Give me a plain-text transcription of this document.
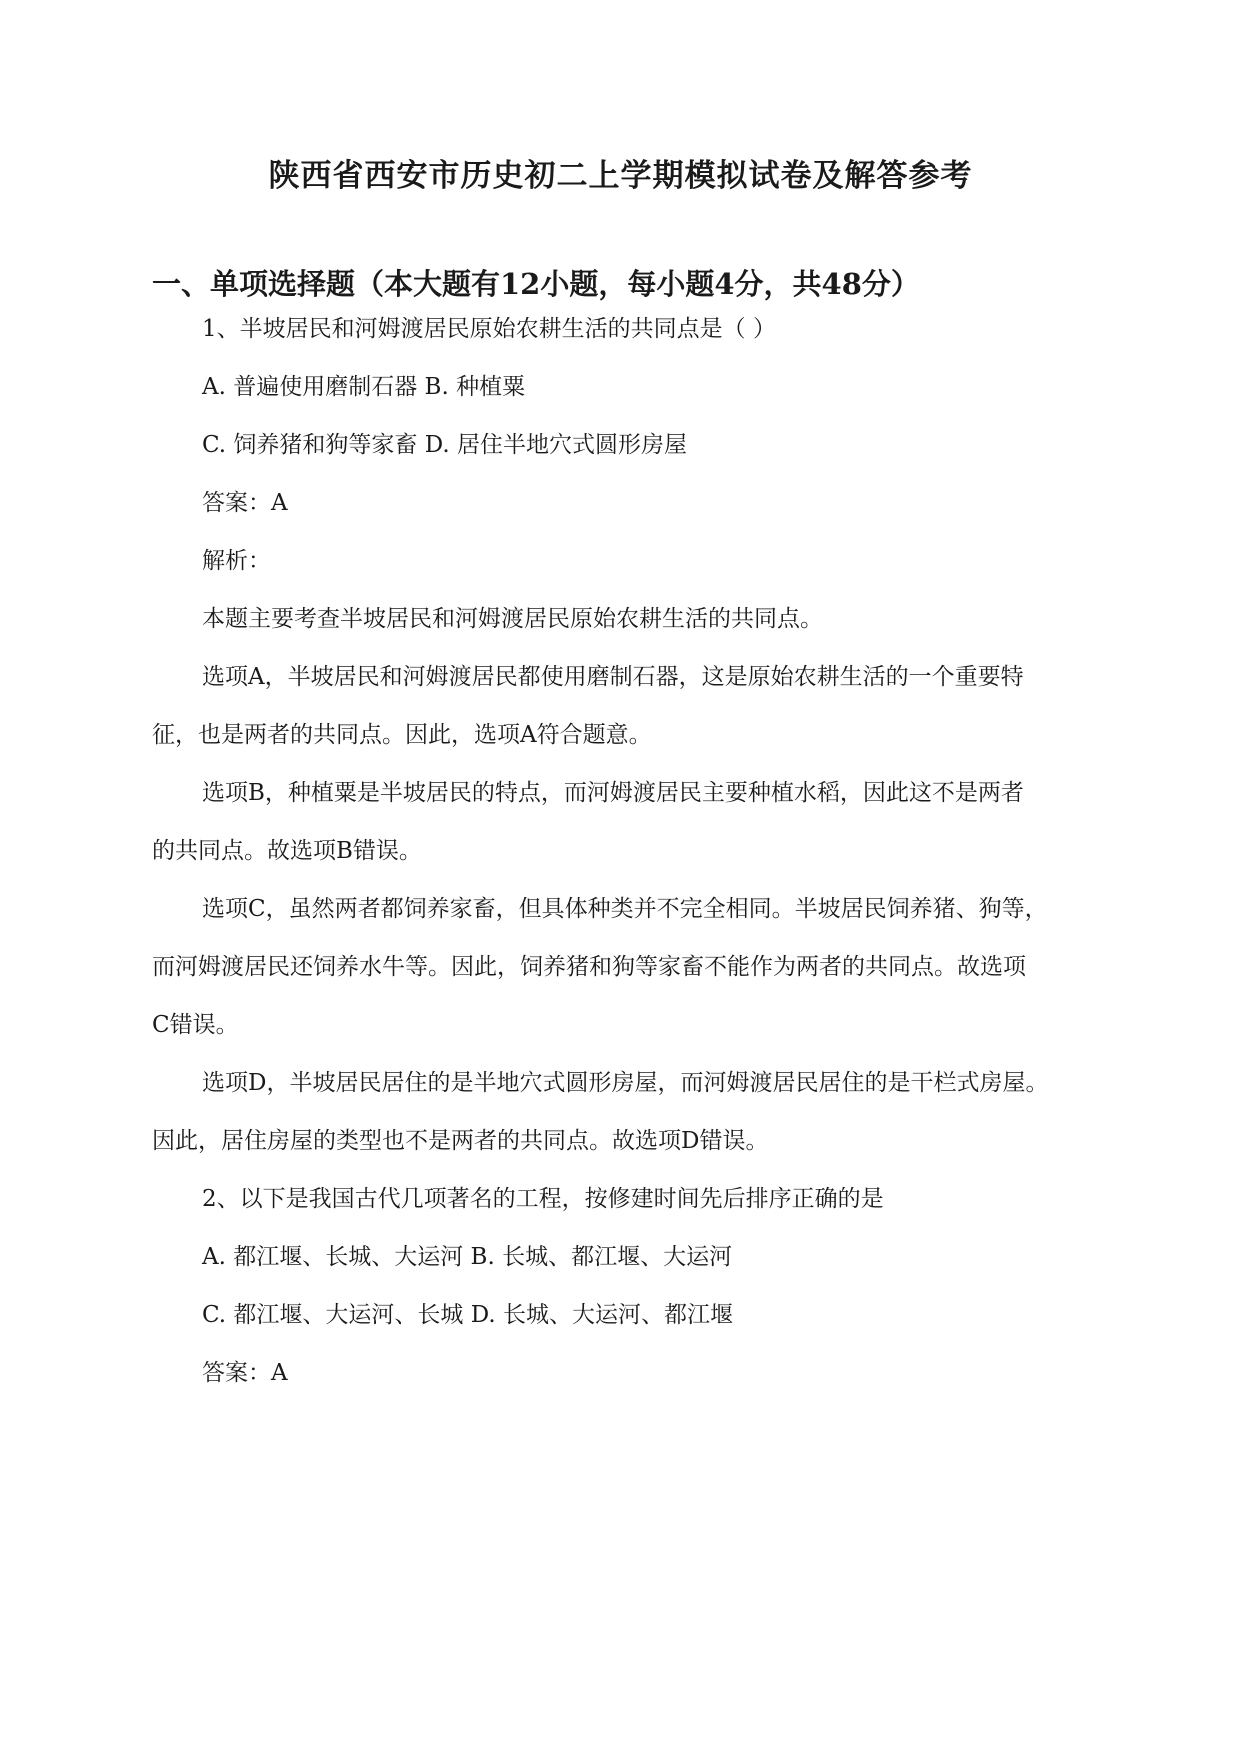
陕西省西安市历史初二上学期模拟试卷及解答参考
一、单项选择题（本大题有12小题，每小题4分，共48分）
1、半坡居民和河姆渡居民原始农耕生活的共同点是（ ）
A. 普遍使用磨制石器 B. 种植粟
C. 饲养猪和狗等家畜 D. 居住半地穴式圆形房屋
答案：A
解析：
本题主要考查半坡居民和河姆渡居民原始农耕生活的共同点。
选项A，半坡居民和河姆渡居民都使用磨制石器，这是原始农耕生活的一个重要特
征，也是两者的共同点。因此，选项A符合题意。
选项B，种植粟是半坡居民的特点，而河姆渡居民主要种植水稻，因此这不是两者
的共同点。故选项B错误。
选项C，虽然两者都饲养家畜，但具体种类并不完全相同。半坡居民饲养猪、狗等，
而河姆渡居民还饲养水牛等。因此，饲养猪和狗等家畜不能作为两者的共同点。故选项
C错误。
选项D，半坡居民居住的是半地穴式圆形房屋，而河姆渡居民居住的是干栏式房屋。
因此，居住房屋的类型也不是两者的共同点。故选项D错误。
2、以下是我国古代几项著名的工程，按修建时间先后排序正确的是
A. 都江堰、长城、大运河 B. 长城、都江堰、大运河
C. 都江堰、大运河、长城 D. 长城、大运河、都江堰
答案：A
